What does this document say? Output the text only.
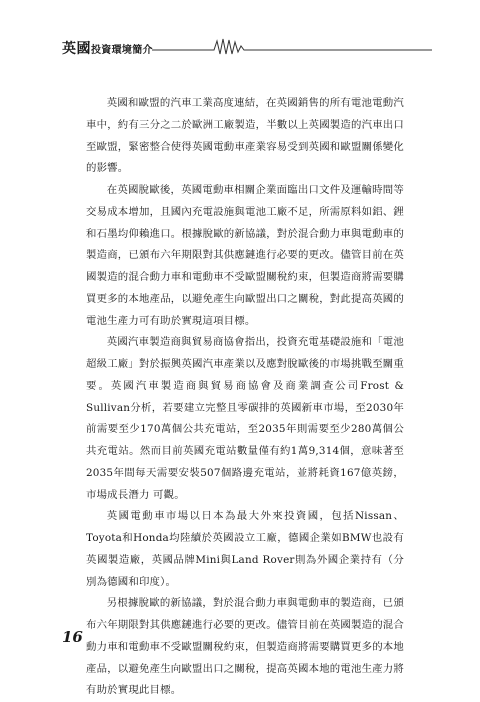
英國投資環境簡介

英國和歐盟的汽車工業高度連結，在英國銷售的所有電池電動汽車中，約有三分之二於歐洲工廠製造，半數以上英國製造的汽車出口至歐盟，緊密整合使得英國電動車產業容易受到英國和歐盟關係變化的影響。

在英國脫歐後，英國電動車相關企業面臨出口文件及運輸時間等交易成本增加，且國內充電設施與電池工廠不足，所需原料如鋁、鋰和石墨均仰賴進口。根據脫歐的新協議，對於混合動力車與電動車的製造商，已頒布六年期限對其供應鏈進行必要的更改。儘管目前在英國製造的混合動力車和電動車不受歐盟關稅約束，但製造商將需要購買更多的本地產品，以避免產生向歐盟出口之關稅，對此提高英國的電池生產力可有助於實現這項目標。

英國汽車製造商與貿易商協會指出，投資充電基礎設施和「電池超級工廠」對於振興英國汽車產業以及應對脫歐後的市場挑戰至關重要。英國汽車製造商與貿易商協會及商業調查公司Frost & Sullivan分析，若要建立完整且零碳排的英國新車市場，至2030年前需要至少170萬個公共充電站，至2035年則需要至少280萬個公共充電站。然而目前英國充電站數量僅有約1萬9,314個，意味著至2035年間每天需要安裝507個路邊充電站，並將耗資167億英鎊，市場成長潛力 可觀。

英國電動車市場以日本為最大外來投資國，包括Nissan、Toyota和Honda均陸續於英國設立工廠，德國企業如BMW也設有英國製造廠，英國品牌Mini與Land Rover則為外國企業持有（分別為德國和印度）。

另根據脫歐的新協議，對於混合動力車與電動車的製造商，已頒布六年期限對其供應鏈進行必要的更改。儘管目前在英國製造的混合動力車和電動車不受歐盟關稅約束，但製造商將需要購買更多的本地產品，以避免產生向歐盟出口之關稅，提高英國本地的電池生產力將有助於實現此目標。

16
